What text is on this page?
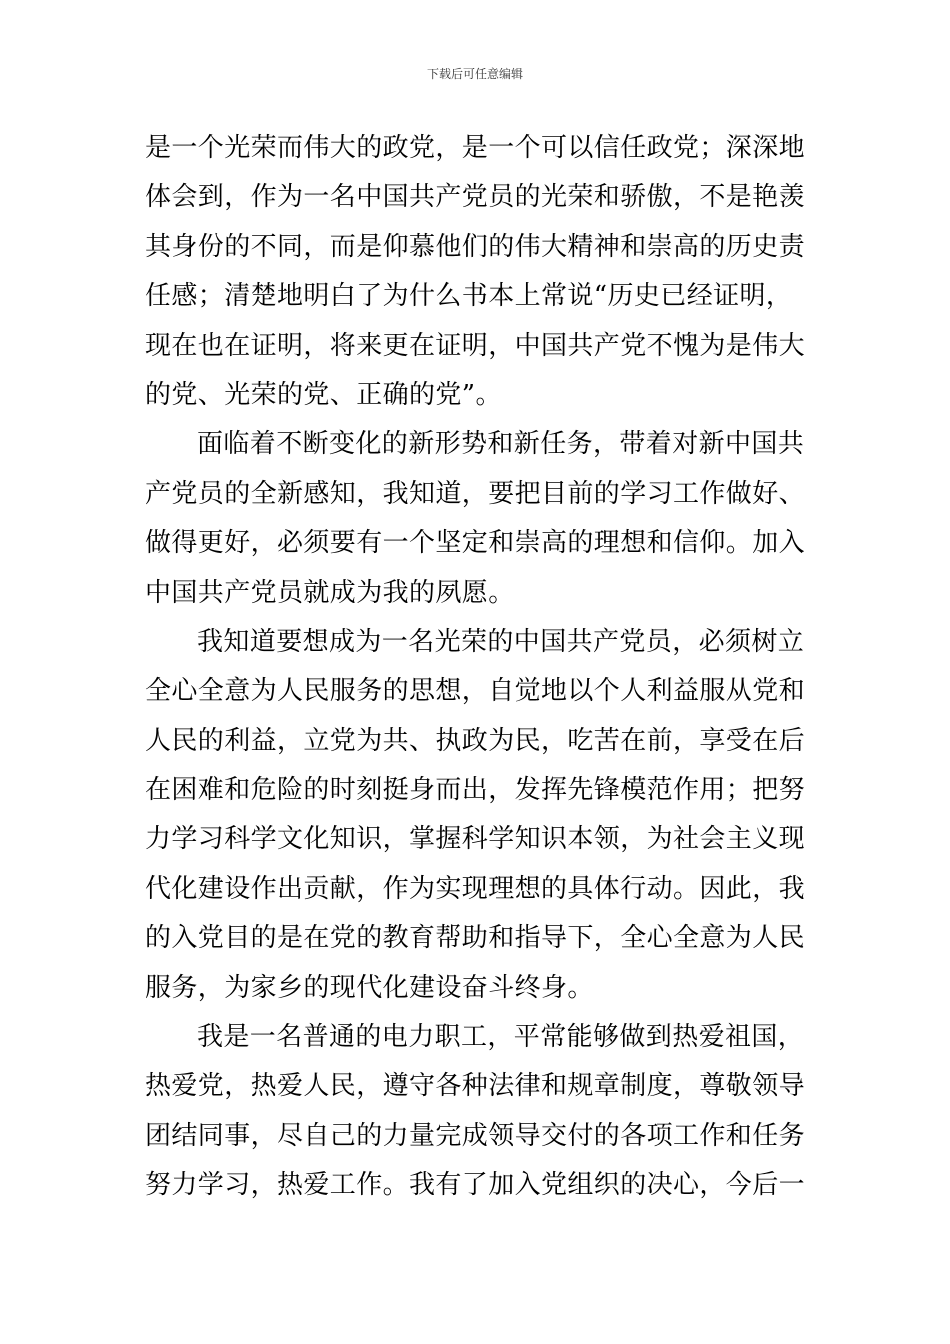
下载后可任意编辑
是一个光荣而伟大的政党，是一个可以信任政党；深深地
体会到，作为一名中国共产党员的光荣和骄傲，不是艳羡
其身份的不同，而是仰慕他们的伟大精神和崇高的历史责
任感；清楚地明白了为什么书本上常说“历史已经证明，
现在也在证明，将来更在证明，中国共产党不愧为是伟大
的党、光荣的党、正确的党”。
面临着不断变化的新形势和新任务，带着对新中国共
产党员的全新感知，我知道，要把目前的学习工作做好、
做得更好，必须要有一个坚定和崇高的理想和信仰。加入
中国共产党员就成为我的夙愿。
我知道要想成为一名光荣的中国共产党员，必须树立
全心全意为人民服务的思想，自觉地以个人利益服从党和
人民的利益，立党为共、执政为民，吃苦在前，享受在后
在困难和危险的时刻挺身而出，发挥先锋模范作用；把努
力学习科学文化知识，掌握科学知识本领，为社会主义现
代化建设作出贡献，作为实现理想的具体行动。因此，我
的入党目的是在党的教育帮助和指导下，全心全意为人民
服务，为家乡的现代化建设奋斗终身。
我是一名普通的电力职工，平常能够做到热爱祖国，
热爱党，热爱人民，遵守各种法律和规章制度，尊敬领导
团结同事，尽自己的力量完成领导交付的各项工作和任务
努力学习，热爱工作。我有了加入党组织的决心，今后一
